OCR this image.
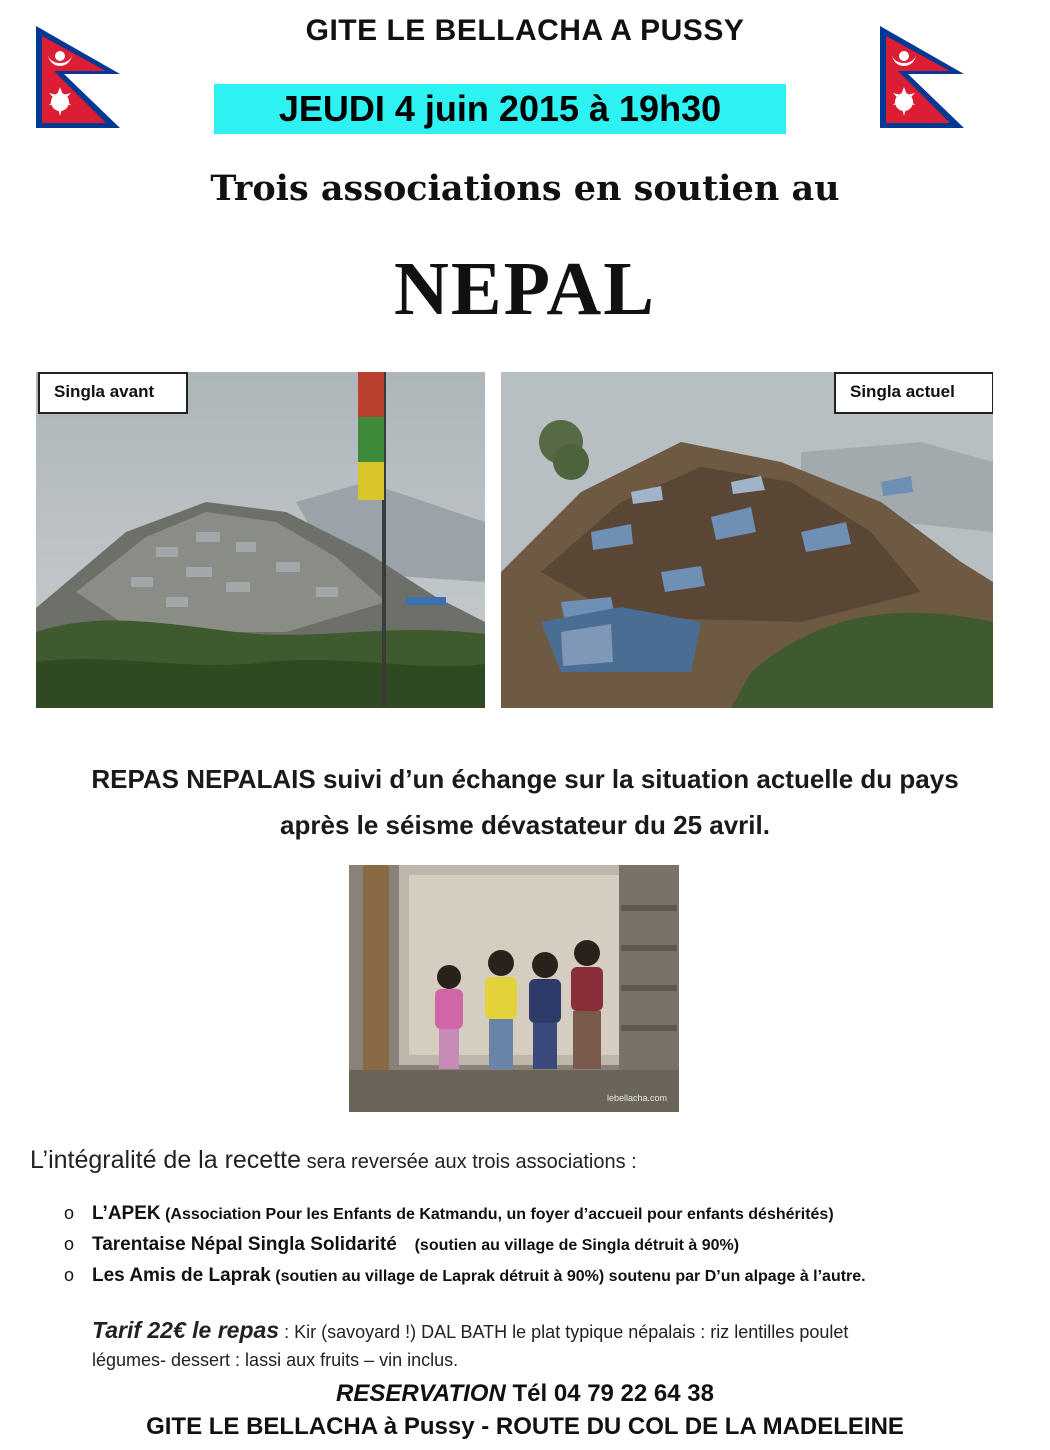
GITE LE BELLACHA A PUSSY
JEUDI 4 juin 2015 à 19h30
Trois associations en soutien au
NEPAL
Singla avant	Singla actuel
REPAS NEPALAIS suivi d’un échange sur la situation actuelle du pays
après le séisme dévastateur du 25 avril.
lebellacha.com
L’intégralité de la recette sera reversée aux trois associations :
o L’APEK (Association Pour les Enfants de Katmandu, un foyer d’accueil pour enfants déshérités)
o Tarentaise Népal Singla Solidarité    (soutien au village de Singla détruit à 90%)
o Les Amis de Laprak (soutien au village de Laprak détruit à 90%) soutenu par D’un alpage à l’autre.
Tarif 22€ le repas : Kir (savoyard !) DAL BATH le plat typique népalais : riz lentilles poulet
légumes- dessert : lassi aux fruits – vin inclus.
RESERVATION Tél 04 79 22 64 38
GITE LE BELLACHA à Pussy - ROUTE DU COL DE LA MADELEINE
